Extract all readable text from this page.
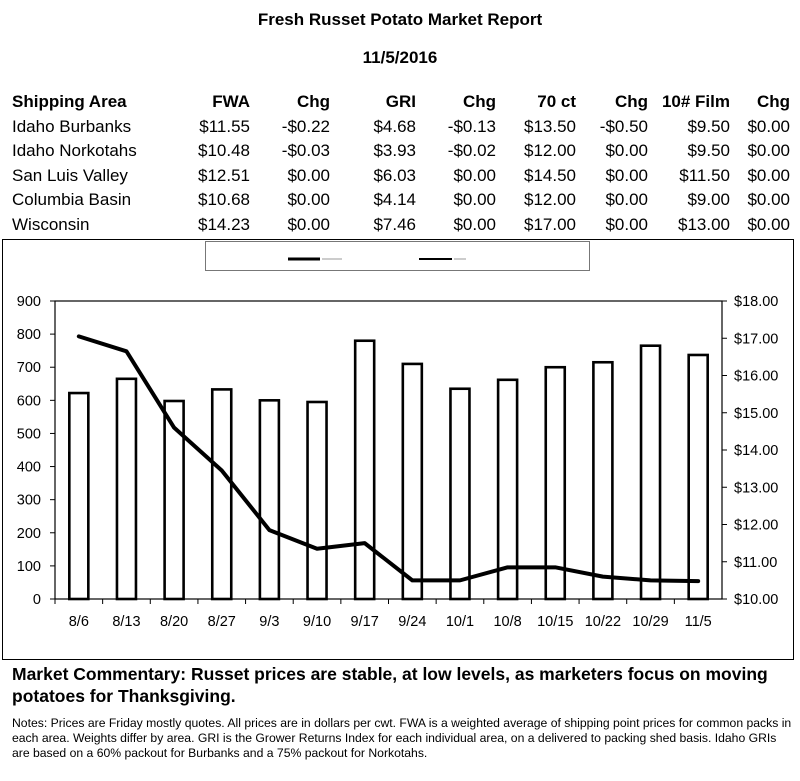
Fresh Russet Potato Market Report
11/5/2016
Shipping Area	FWA	Chg	GRI	Chg	70 ct	Chg	10# Film	Chg
Idaho Burbanks	$11.55	-$0.22	$4.68	-$0.13	$13.50	-$0.50	$9.50	$0.00
Idaho Norkotahs	$10.48	-$0.03	$3.93	-$0.02	$12.00	$0.00	$9.50	$0.00
San Luis Valley	$12.51	$0.00	$6.03	$0.00	$14.50	$0.00	$11.50	$0.00
Columbia Basin	$10.68	$0.00	$4.14	$0.00	$12.00	$0.00	$9.00	$0.00
Wisconsin	$14.23	$0.00	$7.46	$0.00	$17.00	$0.00	$13.00	$0.00
0
100
200
300
400
500
600
700
800
900
$10.00
$11.00
$12.00
$13.00
$14.00
$15.00
$16.00
$17.00
$18.00
8/6 8/13 8/20 8/27 9/3 9/10 9/17 9/24 10/1 10/8 10/15 10/22 10/29 11/5
Market Commentary: Russet prices are stable, at low levels, as marketers focus on moving potatoes for Thanksgiving.
Notes: Prices are Friday mostly quotes. All prices are in dollars per cwt. FWA is a weighted average of shipping point prices for common packs in each area. Weights differ by area. GRI is the Grower Returns Index for each individual area, on a delivered to packing shed basis. Idaho GRIs are based on a 60% packout for Burbanks and a 75% packout for Norkotahs.
